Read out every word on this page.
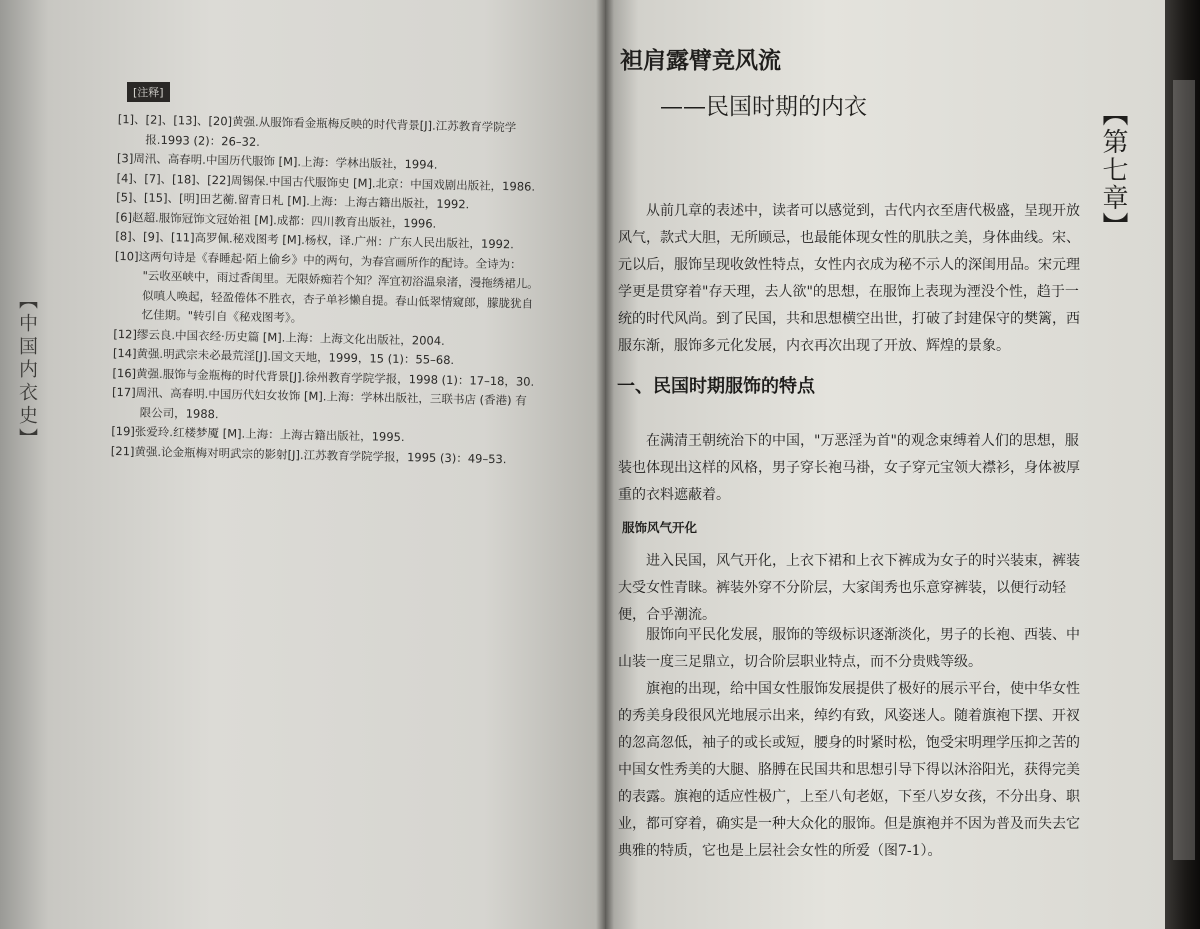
[注释]

[1]、[2]、[13]、[20]黄强.从服饰看金瓶梅反映的时代背景[J].江苏教育学院学

报.1993 (2)：26–32.

[3]周汛、高春明.中国历代服饰 [M].上海：学林出版社，1994.

[4]、[7]、[18]、[22]周锡保.中国古代服饰史 [M].北京：中国戏剧出版社，1986.

[5]、[15]、[明]田艺蘅.留青日札 [M].上海：上海古籍出版社，1992.

[6]赵超.服饰冠饰文冠始祖 [M].成都：四川教育出版社，1996.

[8]、[9]、[11]高罗佩.秘戏图考 [M].杨权，译.广州：广东人民出版社，1992.

[10]这两句诗是《春睡起·陌上偷乡》中的两句，为春宫画所作的配诗。全诗为：

"云收巫峡中，雨过香闺里。无限娇痴若个知？浑宜初浴温泉渚，漫拖绣裙儿。

似嗔人唤起，轻盈倦体不胜衣，杏子单衫懒自提。春山低翠情窥郎，朦胧犹自

忆佳期。"转引自《秘戏图考》。

[12]缪云良.中国衣经·历史篇 [M].上海：上海文化出版社，2004.

[14]黄强.明武宗未必最荒淫[J].国文天地，1999，15 (1)：55–68.

[16]黄强.服饰与金瓶梅的时代背景[J].徐州教育学院学报，1998 (1)：17–18，30.

[17]周汛、高春明.中国历代妇女妆饰 [M].上海：学林出版社，三联书店 (香港) 有

限公司，1988.

[19]张爱玲.红楼梦魇 [M].上海：上海古籍出版社，1995.

[21]黄强.论金瓶梅对明武宗的影射[J].江苏教育学院学报，1995 (3)：49–53.

【中国内衣史】
袒肩露臂竞风流
——民国时期的内衣	【第七章】
从前几章的表述中，读者可以感觉到，古代内衣至唐代极盛，呈现开放风气，款式大胆，无所顾忌，也最能体现女性的肌肤之美，身体曲线。宋、元以后，服饰呈现收敛性特点，女性内衣成为秘不示人的深闺用品。宋元理学更是贯穿着"存天理，去人欲"的思想，在服饰上表现为湮没个性，趋于一统的时代风尚。到了民国，共和思想横空出世，打破了封建保守的樊篱，西服东渐，服饰多元化发展，内衣再次出现了开放、辉煌的景象。
一、民国时期服饰的特点
在满清王朝统治下的中国，"万恶淫为首"的观念束缚着人们的思想，服装也体现出这样的风格，男子穿长袍马褂，女子穿元宝领大襟衫，身体被厚重的衣料遮蔽着。
服饰风气开化
进入民国，风气开化，上衣下裙和上衣下裤成为女子的时兴装束，裤装大受女性青睐。裤装外穿不分阶层，大家闺秀也乐意穿裤装，以便行动轻便，合乎潮流。
服饰向平民化发展，服饰的等级标识逐渐淡化，男子的长袍、西装、中山装一度三足鼎立，切合阶层职业特点，而不分贵贱等级。
旗袍的出现，给中国女性服饰发展提供了极好的展示平台，使中华女性的秀美身段很风光地展示出来，绰约有致，风姿迷人。随着旗袍下摆、开衩的忽高忽低，袖子的或长或短，腰身的时紧时松，饱受宋明理学压抑之苦的中国女性秀美的大腿、胳膊在民国共和思想引导下得以沐浴阳光，获得完美的表露。旗袍的适应性极广，上至八旬老妪，下至八岁女孩，不分出身、职业，都可穿着，确实是一种大众化的服饰。但是旗袍并不因为普及而失去它典雅的特质，它也是上层社会女性的所爱（图7-1）。
